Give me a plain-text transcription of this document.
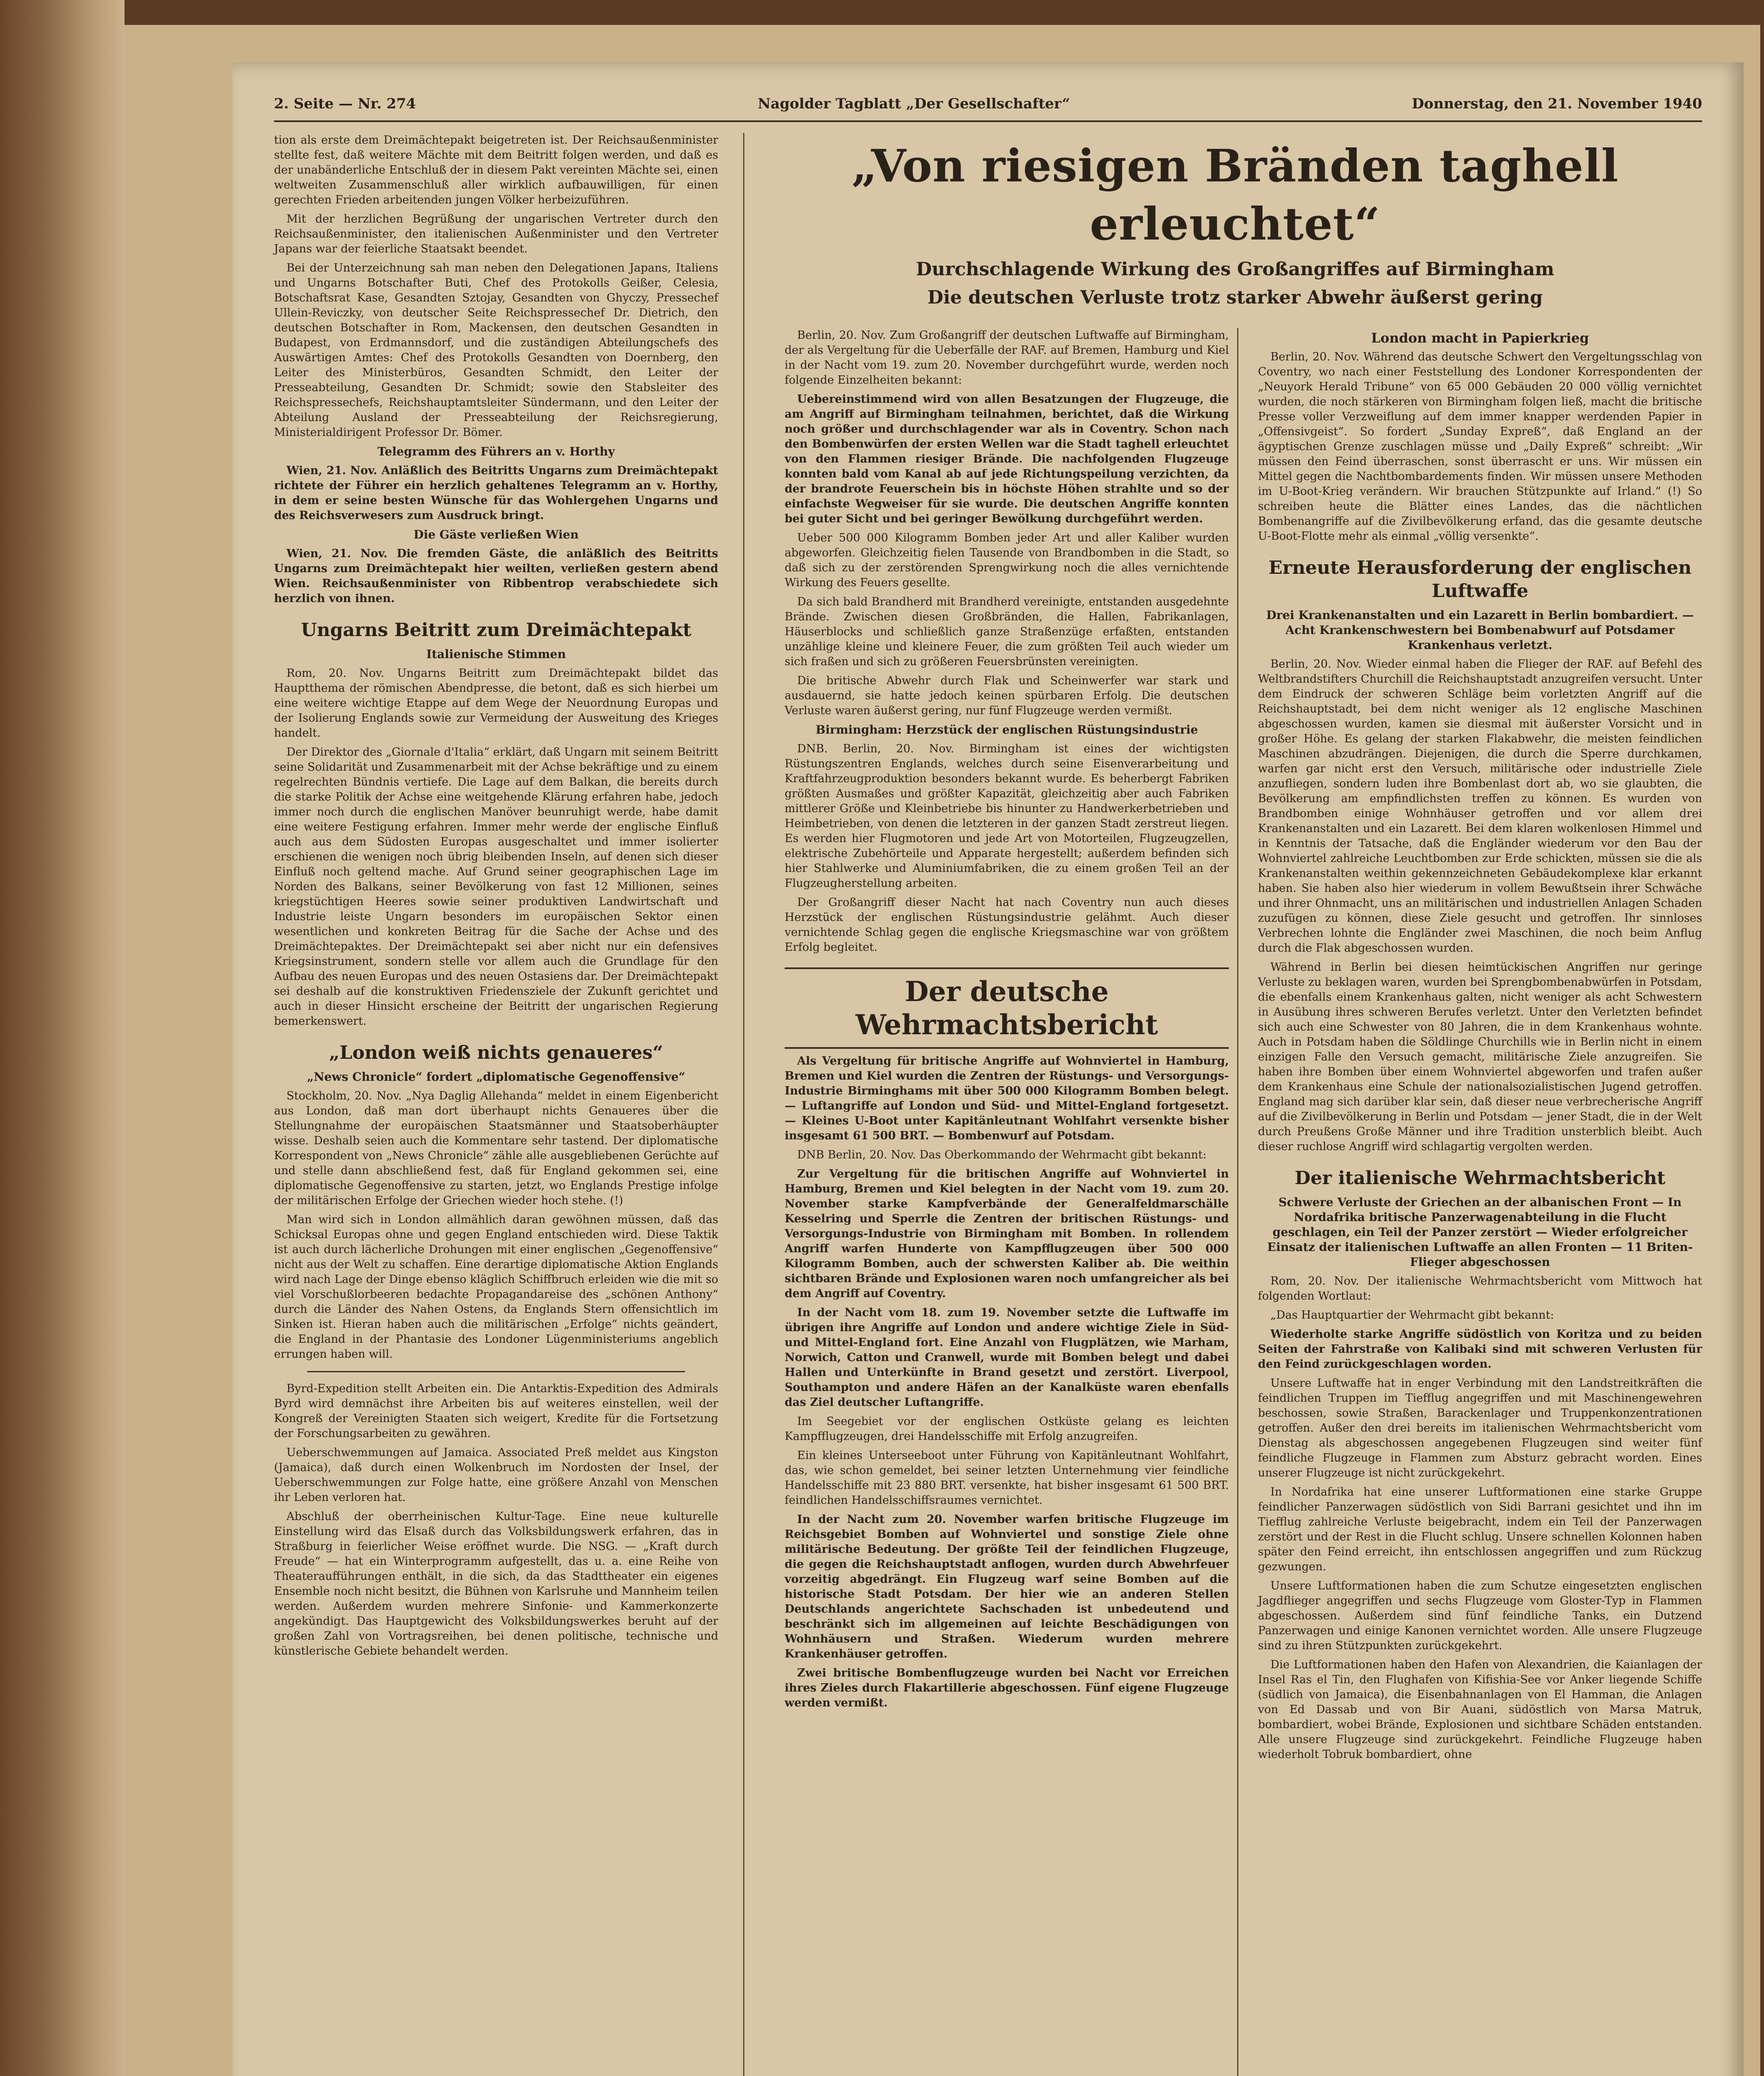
2. Seite — Nr. 274	Nagolder Tagblatt „Der Gesellschafter“	Donnerstag, den 21. November 1940

tion als erste dem Dreimächtepakt beigetreten ist. Der Reichsaußenminister stellte fest, daß weitere Mächte mit dem Beitritt folgen werden, und daß es der unabänderliche Entschluß der in diesem Pakt vereinten Mächte sei, einen weltweiten Zusammenschluß aller wirklich aufbauwilligen, für einen gerechten Frieden arbeitenden jungen Völker herbeizuführen.

Mit der herzlichen Begrüßung der ungarischen Vertreter durch den Reichsaußenminister, den italienischen Außenminister und den Vertreter Japans war der feierliche Staatsakt beendet.

Bei der Unterzeichnung sah man neben den Delegationen Japans, Italiens und Ungarns Botschafter Buti, Chef des Protokolls Geißer, Celesia, Botschaftsrat Kase, Gesandten Sztojay, Gesandten von Ghyczy, Pressechef Ullein-Reviczky, von deutscher Seite Reichspressechef Dr. Dietrich, den deutschen Botschafter in Rom, Mackensen, den deutschen Gesandten in Budapest, von Erdmannsdorf, und die zuständigen Abteilungschefs des Auswärtigen Amtes: Chef des Protokolls Gesandten von Doernberg, den Leiter des Ministerbüros, Gesandten Schmidt, den Leiter der Presseabteilung, Gesandten Dr. Schmidt; sowie den Stabsleiter des Reichspressechefs, Reichshauptamtsleiter Sündermann, und den Leiter der Abteilung Ausland der Presseabteilung der Reichsregierung, Ministerialdirigent Professor Dr. Bömer.

Telegramm des Führers an v. Horthy

Wien, 21. Nov. Anläßlich des Beitritts Ungarns zum Dreimächtepakt richtete der Führer ein herzlich gehaltenes Telegramm an v. Horthy, in dem er seine besten Wünsche für das Wohlergehen Ungarns und des Reichsverwesers zum Ausdruck bringt.

Die Gäste verließen Wien

Wien, 21. Nov. Die fremden Gäste, die anläßlich des Beitritts Ungarns zum Dreimächtepakt hier weilten, verließen gestern abend Wien. Reichsaußenminister von Ribbentrop verabschiedete sich herzlich von ihnen.

Ungarns Beitritt zum Dreimächtepakt
Italienische Stimmen

Rom, 20. Nov. Ungarns Beitritt zum Dreimächtepakt bildet das Hauptthema der römischen Abendpresse, die betont, daß es sich hierbei um eine weitere wichtige Etappe auf dem Wege der Neuordnung Europas und der Isolierung Englands sowie zur Vermeidung der Ausweitung des Krieges handelt.

Der Direktor des „Giornale d'Italia“ erklärt, daß Ungarn mit seinem Beitritt seine Solidarität und Zusammenarbeit mit der Achse bekräftige und zu einem regelrechten Bündnis vertiefe. Die Lage auf dem Balkan, die bereits durch die starke Politik der Achse eine weitgehende Klärung erfahren habe, jedoch immer noch durch die englischen Manöver beunruhigt werde, habe damit eine weitere Festigung erfahren. Immer mehr werde der englische Einfluß auch aus dem Südosten Europas ausgeschaltet und immer isolierter erschienen die wenigen noch übrig bleibenden Inseln, auf denen sich dieser Einfluß noch geltend mache. Auf Grund seiner geographischen Lage im Norden des Balkans, seiner Bevölkerung von fast 12 Millionen, seines kriegstüchtigen Heeres sowie seiner produktiven Landwirtschaft und Industrie leiste Ungarn besonders im europäischen Sektor einen wesentlichen und konkreten Beitrag für die Sache der Achse und des Dreimächtepaktes. Der Dreimächtepakt sei aber nicht nur ein defensives Kriegsinstrument, sondern stelle vor allem auch die Grundlage für den Aufbau des neuen Europas und des neuen Ostasiens dar. Der Dreimächtepakt sei deshalb auf die konstruktiven Friedensziele der Zukunft gerichtet und auch in dieser Hinsicht erscheine der Beitritt der ungarischen Regierung bemerkenswert.

„London weiß nichts genaueres“
„News Chronicle“ fordert „diplomatische Gegenoffensive“

Stockholm, 20. Nov. „Nya Daglig Allehanda“ meldet in einem Eigenbericht aus London, daß man dort überhaupt nichts Genaueres über die Stellungnahme der europäischen Staatsmänner und Staatsoberhäupter wisse. Deshalb seien auch die Kommentare sehr tastend. Der diplomatische Korrespondent von „News Chronicle“ zähle alle ausgebliebenen Gerüchte auf und stelle dann abschließend fest, daß für England gekommen sei, eine diplomatische Gegenoffensive zu starten, jetzt, wo Englands Prestige infolge der militärischen Erfolge der Griechen wieder hoch stehe. (!)

Man wird sich in London allmählich daran gewöhnen müssen, daß das Schicksal Europas ohne und gegen England entschieden wird. Diese Taktik ist auch durch lächerliche Drohungen mit einer englischen „Gegenoffensive“ nicht aus der Welt zu schaffen. Eine derartige diplomatische Aktion Englands wird nach Lage der Dinge ebenso kläglich Schiffbruch erleiden wie die mit so viel Vorschußlorbeeren bedachte Propagandareise des „schönen Anthony“ durch die Länder des Nahen Ostens, da Englands Stern offensichtlich im Sinken ist. Hieran haben auch die militärischen „Erfolge“ nichts geändert, die England in der Phantasie des Londoner Lügenministeriums angeblich errungen haben will.

Byrd-Expedition stellt Arbeiten ein. Die Antarktis-Expedition des Admirals Byrd wird demnächst ihre Arbeiten bis auf weiteres einstellen, weil der Kongreß der Vereinigten Staaten sich weigert, Kredite für die Fortsetzung der Forschungsarbeiten zu gewähren.

Ueberschwemmungen auf Jamaica. Associated Preß meldet aus Kingston (Jamaica), daß durch einen Wolkenbruch im Nordosten der Insel, der Ueberschwemmungen zur Folge hatte, eine größere Anzahl von Menschen ihr Leben verloren hat.

Abschluß der oberrheinischen Kultur-Tage. Eine neue kulturelle Einstellung wird das Elsaß durch das Volksbildungswerk erfahren, das in Straßburg in feierlicher Weise eröffnet wurde. Die NSG. — „Kraft durch Freude“ — hat ein Winterprogramm aufgestellt, das u. a. eine Reihe von Theateraufführungen enthält, in die sich, da das Stadttheater ein eigenes Ensemble noch nicht besitzt, die Bühnen von Karlsruhe und Mannheim teilen werden. Außerdem wurden mehrere Sinfonie- und Kammerkonzerte angekündigt. Das Hauptgewicht des Volksbildungswerkes beruht auf der großen Zahl von Vortragsreihen, bei denen politische, technische und künstlerische Gebiete behandelt werden.

„Von riesigen Bränden taghell erleuchtet“
Durchschlagende Wirkung des Großangriffes auf Birmingham
Die deutschen Verluste trotz starker Abwehr äußerst gering

Berlin, 20. Nov. Zum Großangriff der deutschen Luftwaffe auf Birmingham, der als Vergeltung für die Ueberfälle der RAF. auf Bremen, Hamburg und Kiel in der Nacht vom 19. zum 20. November durchgeführt wurde, werden noch folgende Einzelheiten bekannt:

Uebereinstimmend wird von allen Besatzungen der Flugzeuge, die am Angriff auf Birmingham teilnahmen, berichtet, daß die Wirkung noch größer und durchschlagender war als in Coventry. Schon nach den Bombenwürfen der ersten Wellen war die Stadt taghell erleuchtet von den Flammen riesiger Brände. Die nachfolgenden Flugzeuge konnten bald vom Kanal ab auf jede Richtungspeilung verzichten, da der brandrote Feuerschein bis in höchste Höhen strahlte und so der einfachste Wegweiser für sie wurde. Die deutschen Angriffe konnten bei guter Sicht und bei geringer Bewölkung durchgeführt werden.

Ueber 500 000 Kilogramm Bomben jeder Art und aller Kaliber wurden abgeworfen. Gleichzeitig fielen Tausende von Brandbomben in die Stadt, so daß sich zu der zerstörenden Sprengwirkung noch die alles vernichtende Wirkung des Feuers gesellte.

Da sich bald Brandherd mit Brandherd vereinigte, entstanden ausgedehnte Brände. Zwischen diesen Großbränden, die Hallen, Fabrikanlagen, Häuserblocks und schließlich ganze Straßenzüge erfaßten, entstanden unzählige kleine und kleinere Feuer, die zum größten Teil auch wieder um sich fraßen und sich zu größeren Feuersbrünsten vereinigten.

Die britische Abwehr durch Flak und Scheinwerfer war stark und ausdauernd, sie hatte jedoch keinen spürbaren Erfolg. Die deutschen Verluste waren äußerst gering, nur fünf Flugzeuge werden vermißt.

Birmingham: Herzstück der englischen Rüstungsindustrie

DNB. Berlin, 20. Nov. Birmingham ist eines der wichtigsten Rüstungszentren Englands, welches durch seine Eisenverarbeitung und Kraftfahrzeugproduktion besonders bekannt wurde. Es beherbergt Fabriken größten Ausmaßes und größter Kapazität, gleichzeitig aber auch Fabriken mittlerer Größe und Kleinbetriebe bis hinunter zu Handwerkerbetrieben und Heimbetrieben, von denen die letzteren in der ganzen Stadt zerstreut liegen. Es werden hier Flugmotoren und jede Art von Motorteilen, Flugzeugzellen, elektrische Zubehörteile und Apparate hergestellt; außerdem befinden sich hier Stahlwerke und Aluminiumfabriken, die zu einem großen Teil an der Flugzeugherstellung arbeiten.

Der Großangriff dieser Nacht hat nach Coventry nun auch dieses Herzstück der englischen Rüstungsindustrie gelähmt. Auch dieser vernichtende Schlag gegen die englische Kriegsmaschine war von größtem Erfolg begleitet.

Der deutsche Wehrmachtsbericht

Als Vergeltung für britische Angriffe auf Wohnviertel in Hamburg, Bremen und Kiel wurden die Zentren der Rüstungs- und Versorgungs-Industrie Birminghams mit über 500 000 Kilogramm Bomben belegt. — Luftangriffe auf London und Süd- und Mittel-England fortgesetzt. — Kleines U-Boot unter Kapitänleutnant Wohlfahrt versenkte bisher insgesamt 61 500 BRT. — Bombenwurf auf Potsdam.

DNB Berlin, 20. Nov. Das Oberkommando der Wehrmacht gibt bekannt:

Zur Vergeltung für die britischen Angriffe auf Wohnviertel in Hamburg, Bremen und Kiel belegten in der Nacht vom 19. zum 20. November starke Kampfverbände der Generalfeldmarschälle Kesselring und Sperrle die Zentren der britischen Rüstungs- und Versorgungs-Industrie von Birmingham mit Bomben. In rollendem Angriff warfen Hunderte von Kampfflugzeugen über 500 000 Kilogramm Bomben, auch der schwersten Kaliber ab. Die weithin sichtbaren Brände und Explosionen waren noch umfangreicher als bei dem Angriff auf Coventry.

In der Nacht vom 18. zum 19. November setzte die Luftwaffe im übrigen ihre Angriffe auf London und andere wichtige Ziele in Süd- und Mittel-England fort. Eine Anzahl von Flugplätzen, wie Marham, Norwich, Catton und Cranwell, wurde mit Bomben belegt und dabei Hallen und Unterkünfte in Brand gesetzt und zerstört. Liverpool, Southampton und andere Häfen an der Kanalküste waren ebenfalls das Ziel deutscher Luftangriffe.

Im Seegebiet vor der englischen Ostküste gelang es leichten Kampfflugzeugen, drei Handelsschiffe mit Erfolg anzugreifen.

Ein kleines Unterseeboot unter Führung von Kapitänleutnant Wohlfahrt, das, wie schon gemeldet, bei seiner letzten Unternehmung vier feindliche Handelsschiffe mit 23 880 BRT. versenkte, hat bisher insgesamt 61 500 BRT. feindlichen Handelsschiffsraumes vernichtet.

In der Nacht zum 20. November warfen britische Flugzeuge im Reichsgebiet Bomben auf Wohnviertel und sonstige Ziele ohne militärische Bedeutung. Der größte Teil der feindlichen Flugzeuge, die gegen die Reichshauptstadt anflogen, wurden durch Abwehrfeuer vorzeitig abgedrängt. Ein Flugzeug warf seine Bomben auf die historische Stadt Potsdam. Der hier wie an anderen Stellen Deutschlands angerichtete Sachschaden ist unbedeutend und beschränkt sich im allgemeinen auf leichte Beschädigungen von Wohnhäusern und Straßen. Wiederum wurden mehrere Krankenhäuser getroffen.

Zwei britische Bombenflugzeuge wurden bei Nacht vor Erreichen ihres Zieles durch Flakartillerie abgeschossen. Fünf eigene Flugzeuge werden vermißt.

London macht in Papierkrieg

Berlin, 20. Nov. Während das deutsche Schwert den Vergeltungsschlag von Coventry, wo nach einer Feststellung des Londoner Korrespondenten der „Neuyork Herald Tribune“ von 65 000 Gebäuden 20 000 völlig vernichtet wurden, die noch stärkeren von Birmingham folgen ließ, macht die britische Presse voller Verzweiflung auf dem immer knapper werdenden Papier in „Offensivgeist“. So fordert „Sunday Expreß“, daß England an der ägyptischen Grenze zuschlagen müsse und „Daily Expreß“ schreibt: „Wir müssen den Feind überraschen, sonst überrascht er uns. Wir müssen ein Mittel gegen die Nachtbombardements finden. Wir müssen unsere Methoden im U-Boot-Krieg verändern. Wir brauchen Stützpunkte auf Irland.“ (!) So schreiben heute die Blätter eines Landes, das die nächtlichen Bombenangriffe auf die Zivilbevölkerung erfand, das die gesamte deutsche U-Boot-Flotte mehr als einmal „völlig versenkte“.

Erneute Herausforderung der englischen Luftwaffe
Drei Krankenanstalten und ein Lazarett in Berlin bombardiert. — Acht Krankenschwestern bei Bombenabwurf auf Potsdamer Krankenhaus verletzt.

Berlin, 20. Nov. Wieder einmal haben die Flieger der RAF. auf Befehl des Weltbrandstifters Churchill die Reichshauptstadt anzugreifen versucht. Unter dem Eindruck der schweren Schläge beim vorletzten Angriff auf die Reichshauptstadt, bei dem nicht weniger als 12 englische Maschinen abgeschossen wurden, kamen sie diesmal mit äußerster Vorsicht und in großer Höhe. Es gelang der starken Flakabwehr, die meisten feindlichen Maschinen abzudrängen. Diejenigen, die durch die Sperre durchkamen, warfen gar nicht erst den Versuch, militärische oder industrielle Ziele anzufliegen, sondern luden ihre Bombenlast dort ab, wo sie glaubten, die Bevölkerung am empfindlichsten treffen zu können. Es wurden von Brandbomben einige Wohnhäuser getroffen und vor allem drei Krankenanstalten und ein Lazarett. Bei dem klaren wolkenlosen Himmel und in Kenntnis der Tatsache, daß die Engländer wiederum vor den Bau der Wohnviertel zahlreiche Leuchtbomben zur Erde schickten, müssen sie die als Krankenanstalten weithin gekennzeichneten Gebäudekomplexe klar erkannt haben. Sie haben also hier wiederum in vollem Bewußtsein ihrer Schwäche und ihrer Ohnmacht, uns an militärischen und industriellen Anlagen Schaden zuzufügen zu können, diese Ziele gesucht und getroffen. Ihr sinnloses Verbrechen lohnte die Engländer zwei Maschinen, die noch beim Anflug durch die Flak abgeschossen wurden.

Während in Berlin bei diesen heimtückischen Angriffen nur geringe Verluste zu beklagen waren, wurden bei Sprengbombenabwürfen in Potsdam, die ebenfalls einem Krankenhaus galten, nicht weniger als acht Schwestern in Ausübung ihres schweren Berufes verletzt. Unter den Verletzten befindet sich auch eine Schwester von 80 Jahren, die in dem Krankenhaus wohnte. Auch in Potsdam haben die Söldlinge Churchills wie in Berlin nicht in einem einzigen Falle den Versuch gemacht, militärische Ziele anzugreifen. Sie haben ihre Bomben über einem Wohnviertel abgeworfen und trafen außer dem Krankenhaus eine Schule der nationalsozialistischen Jugend getroffen. England mag sich darüber klar sein, daß dieser neue verbrecherische Angriff auf die Zivilbevölkerung in Berlin und Potsdam — jener Stadt, die in der Welt durch Preußens Große Männer und ihre Tradition unsterblich bleibt. Auch dieser ruchlose Angriff wird schlagartig vergolten werden.

Der italienische Wehrmachtsbericht
Schwere Verluste der Griechen an der albanischen Front — In Nordafrika britische Panzerwagenabteilung in die Flucht geschlagen, ein Teil der Panzer zerstört — Wieder erfolgreicher Einsatz der italienischen Luftwaffe an allen Fronten — 11 Briten-Flieger abgeschossen

Rom, 20. Nov. Der italienische Wehrmachtsbericht vom Mittwoch hat folgenden Wortlaut:

„Das Hauptquartier der Wehrmacht gibt bekannt:

Wiederholte starke Angriffe südöstlich von Koritza und zu beiden Seiten der Fahrstraße von Kalibaki sind mit schweren Verlusten für den Feind zurückgeschlagen worden.

Unsere Luftwaffe hat in enger Verbindung mit den Landstreitkräften die feindlichen Truppen im Tiefflug angegriffen und mit Maschinengewehren beschossen, sowie Straßen, Barackenlager und Truppenkonzentrationen getroffen. Außer den drei bereits im italienischen Wehrmachtsbericht vom Dienstag als abgeschossen angegebenen Flugzeugen sind weiter fünf feindliche Flugzeuge in Flammen zum Absturz gebracht worden. Eines unserer Flugzeuge ist nicht zurückgekehrt.

In Nordafrika hat eine unserer Luftformationen eine starke Gruppe feindlicher Panzerwagen südöstlich von Sidi Barrani gesichtet und ihn im Tiefflug zahlreiche Verluste beigebracht, indem ein Teil der Panzerwagen zerstört und der Rest in die Flucht schlug. Unsere schnellen Kolonnen haben später den Feind erreicht, ihn entschlossen angegriffen und zum Rückzug gezwungen.

Unsere Luftformationen haben die zum Schutze eingesetzten englischen Jagdflieger angegriffen und sechs Flugzeuge vom Gloster-Typ in Flammen abgeschossen. Außerdem sind fünf feindliche Tanks, ein Dutzend Panzerwagen und einige Kanonen vernichtet worden. Alle unsere Flugzeuge sind zu ihren Stützpunkten zurückgekehrt.

Die Luftformationen haben den Hafen von Alexandrien, die Kaianlagen der Insel Ras el Tin, den Flughafen von Kifishia-See vor Anker liegende Schiffe (südlich von Jamaica), die Eisenbahnanlagen von El Hamman, die Anlagen von Ed Dassab und von Bir Auani, südöstlich von Marsa Matruk, bombardiert, wobei Brände, Explosionen und sichtbare Schäden entstanden. Alle unsere Flugzeuge sind zurückgekehrt. Feindliche Flugzeuge haben wiederholt Tobruk bombardiert, ohne
